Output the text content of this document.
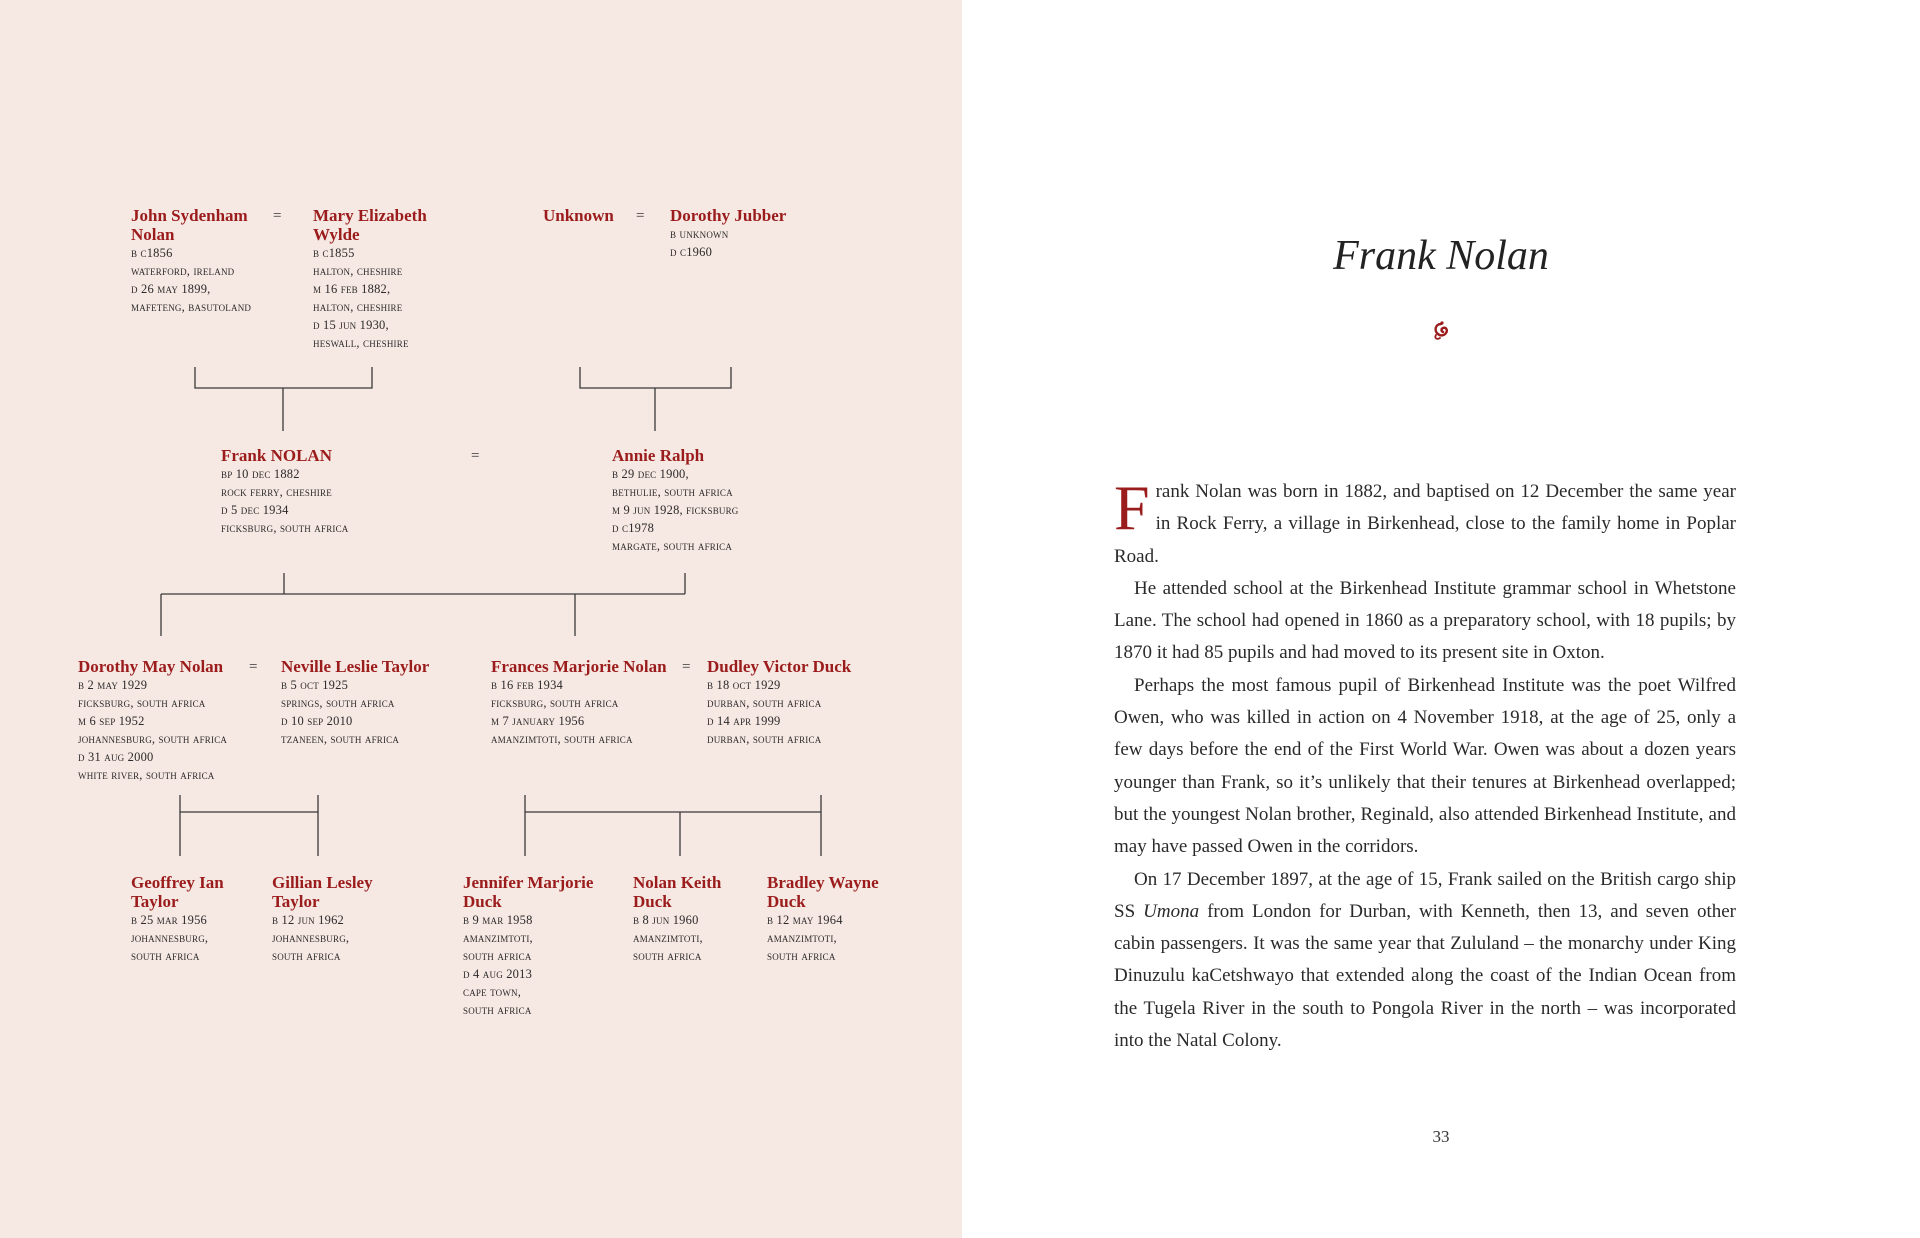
John Sydenham Nolan
b c1856
waterford, ireland
d 26 may 1899,
mafeteng, basutoland
= Mary Elizabeth Wylde
b c1855
halton, cheshire
m 16 feb 1882,
halton, cheshire
d 15 jun 1930,
heswall, cheshire
Unknown	= Dorothy Jubber
b unknown
d c1960
Frank NOLAN
bp 10 dec 1882
rock ferry, cheshire
d 5 dec 1934
ficksburg, south africa
=	Annie Ralph
b 29 dec 1900,
bethulie, south africa
m 9 jun 1928, ficksburg
d c1978
margate, south africa
Dorothy May Nolan
b 2 may 1929
ficksburg, south africa
m 6 sep 1952
johannesburg, south africa
d 31 aug 2000
white river, south africa
= Neville Leslie Taylor
b 5 oct 1925
springs, south africa
d 10 sep 2010
tzaneen, south africa
Frances Marjorie Nolan
b 16 feb 1934
ficksburg, south africa
m 7 january 1956
amanzimtoti, south africa
= Dudley Victor Duck
b 18 oct 1929
durban, south africa
d 14 apr 1999
durban, south africa
Geoffrey Ian Taylor
b 25 mar 1956
johannesburg,
south africa
Gillian Lesley Taylor
b 12 jun 1962
johannesburg,
south africa
Jennifer Marjorie Duck
b 9 mar 1958
amanzimtoti,
south africa
d 4 aug 2013
cape town,
south africa
Nolan Keith Duck
b 8 jun 1960
amanzimtoti,
south africa
Bradley Wayne Duck
b 12 may 1964
amanzimtoti,
south africa
Frank Nolan

Frank Nolan was born in 1882, and baptised on 12 December the same year in Rock Ferry, a village in Birkenhead, close to the family home in Poplar Road.

He attended school at the Birkenhead Institute grammar school in Whetstone Lane. The school had opened in 1860 as a preparatory school, with 18 pupils; by 1870 it had 85 pupils and had moved to its present site in Oxton.

Perhaps the most famous pupil of Birkenhead Institute was the poet Wilfred Owen, who was killed in action on 4 November 1918, at the age of 25, only a few days before the end of the First World War. Owen was about a dozen years younger than Frank, so it’s unlikely that their tenures at Birkenhead overlapped; but the youngest Nolan brother, Reginald, also attended Birkenhead Institute, and may have passed Owen in the corridors.

On 17 December 1897, at the age of 15, Frank sailed on the British cargo ship SS Umona from London for Durban, with Kenneth, then 13, and seven other cabin passengers. It was the same year that Zululand – the monarchy under King Dinuzulu kaCetshwayo that extended along the coast of the Indian Ocean from the Tugela River in the south to Pongola River in the north – was incorporated into the Natal Colony.

33
